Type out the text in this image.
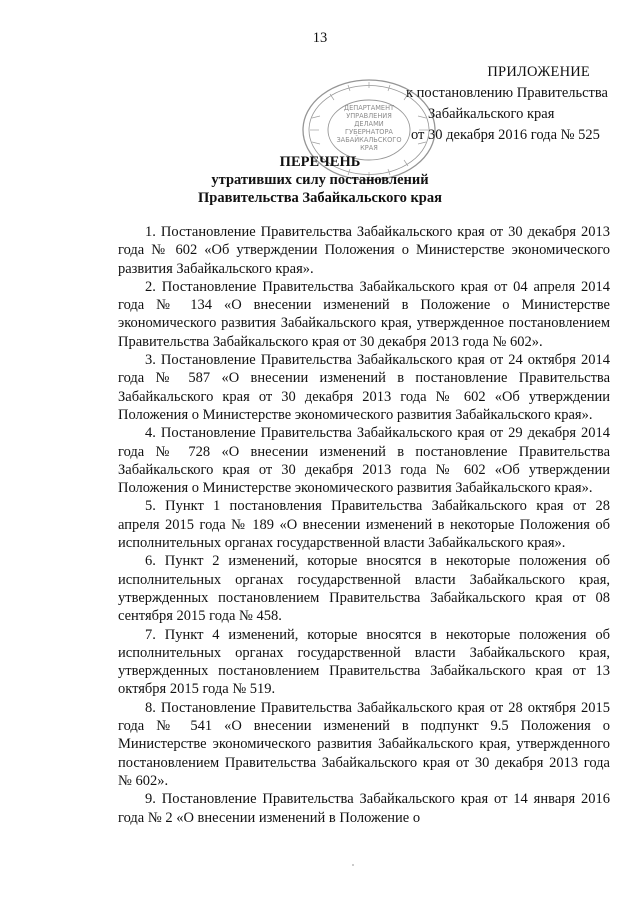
13
ПРИЛОЖЕНИЕ
к постановлению Правительства
Забайкальского края
от 30 декабря 2016 года № 525
ДЕПАРТАМЕНТ
УПРАВЛЕНИЯ
ДЕЛАМИ
ГУБЕРНАТОРА
ЗАБАЙКАЛЬСКОГО
КРАЯ
ПЕРЕЧЕНЬ
утративших силу постановлений
Правительства Забайкальского края

1. Постановление Правительства Забайкальского края от 30 декабря 2013 года № 602 «Об утверждении Положения о Министерстве экономического развития Забайкальского края».

2. Постановление Правительства Забайкальского края от 04 апреля 2014 года № 134 «О внесении изменений в Положение о Министерстве экономического развития Забайкальского края, утвержденное постановлением Правительства Забайкальского края от 30 декабря 2013 года № 602».

3. Постановление Правительства Забайкальского края от 24 октября 2014 года № 587 «О внесении изменений в постановление Правительства Забайкальского края от 30 декабря 2013 года № 602 «Об утверждении Положения о Министерстве экономического развития Забайкальского края».

4. Постановление Правительства Забайкальского края от 29 декабря 2014 года № 728 «О внесении изменений в постановление Правительства Забайкальского края от 30 декабря 2013 года № 602 «Об утверждении Положения о Министерстве экономического развития Забайкальского края».

5. Пункт 1 постановления Правительства Забайкальского края от 28 апреля 2015 года № 189 «О внесении изменений в некоторые Положения об исполнительных органах государственной власти Забайкальского края».

6. Пункт 2 изменений, которые вносятся в некоторые положения об исполнительных органах государственной власти Забайкальского края, утвержденных постановлением Правительства Забайкальского края от 08 сентября 2015 года № 458.

7. Пункт 4 изменений, которые вносятся в некоторые положения об исполнительных органах государственной власти Забайкальского края, утвержденных постановлением Правительства Забайкальского края от 13 октября 2015 года № 519.

8. Постановление Правительства Забайкальского края от 28 октября 2015 года № 541 «О внесении изменений в подпункт 9.5 Положения о Министерстве экономического развития Забайкальского края, утвержденного постановлением Правительства Забайкальского края от 30 декабря 2013 года № 602».

9. Постановление Правительства Забайкальского края от 14 января 2016 года № 2 «О внесении изменений в Положение о
